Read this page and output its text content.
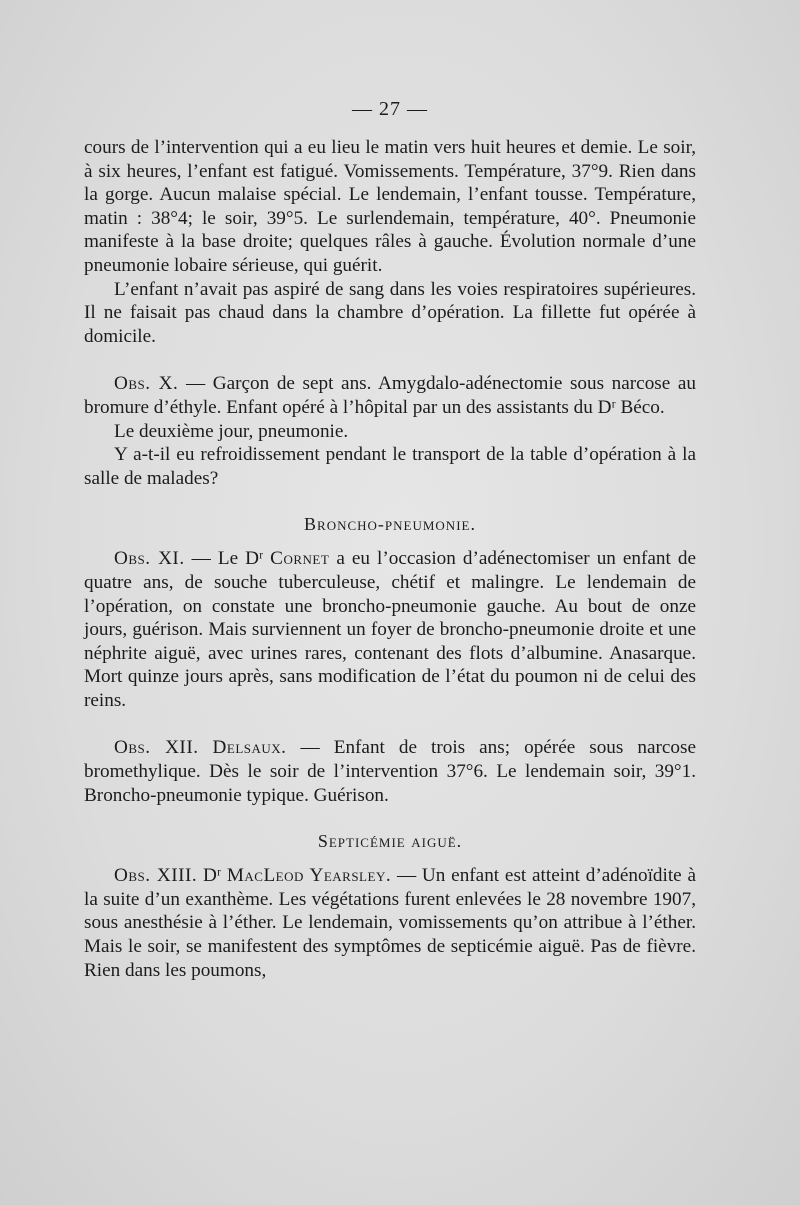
— 27 —

cours de l’intervention qui a eu lieu le matin vers huit heures et demie. Le soir, à six heures, l’enfant est fatigué. Vomissements. Température, 37°9. Rien dans la gorge. Aucun malaise spécial. Le lendemain, l’enfant tousse. Température, matin : 38°4; le soir, 39°5. Le surlendemain, température, 40°. Pneumonie manifeste à la base droite; quelques râles à gauche. Évolution normale d’une pneumonie lobaire sérieuse, qui guérit.

L’enfant n’avait pas aspiré de sang dans les voies respiratoires supérieures. Il ne faisait pas chaud dans la chambre d’opération. La fillette fut opérée à domicile.

Obs. X. — Garçon de sept ans. Amygdalo-adénectomie sous narcose au bromure d’éthyle. Enfant opéré à l’hôpital par un des assistants du Dʳ Béco.

Le deuxième jour, pneumonie.

Y a-t-il eu refroidissement pendant le transport de la table d’opération à la salle de malades?

Broncho-pneumonie.

Obs. XI. — Le Dʳ Cornet a eu l’occasion d’adénectomiser un enfant de quatre ans, de souche tuberculeuse, chétif et malingre. Le lendemain de l’opération, on constate une broncho-pneumonie gauche. Au bout de onze jours, guérison. Mais surviennent un foyer de broncho-pneumonie droite et une néphrite aiguë, avec urines rares, contenant des flots d’albumine. Anasarque. Mort quinze jours après, sans modification de l’état du poumon ni de celui des reins.

Obs. XII. Delsaux. — Enfant de trois ans; opérée sous narcose bromethylique. Dès le soir de l’intervention 37°6. Le lendemain soir, 39°1. Broncho-pneumonie typique. Guérison.

Septicémie aiguë.

Obs. XIII. Dʳ MacLeod Yearsley. — Un enfant est atteint d’adénoïdite à la suite d’un exanthème. Les végétations furent enlevées le 28 novembre 1907, sous anesthésie à l’éther. Le lendemain, vomissements qu’on attribue à l’éther. Mais le soir, se manifestent des symptômes de septicémie aiguë. Pas de fièvre. Rien dans les poumons,
